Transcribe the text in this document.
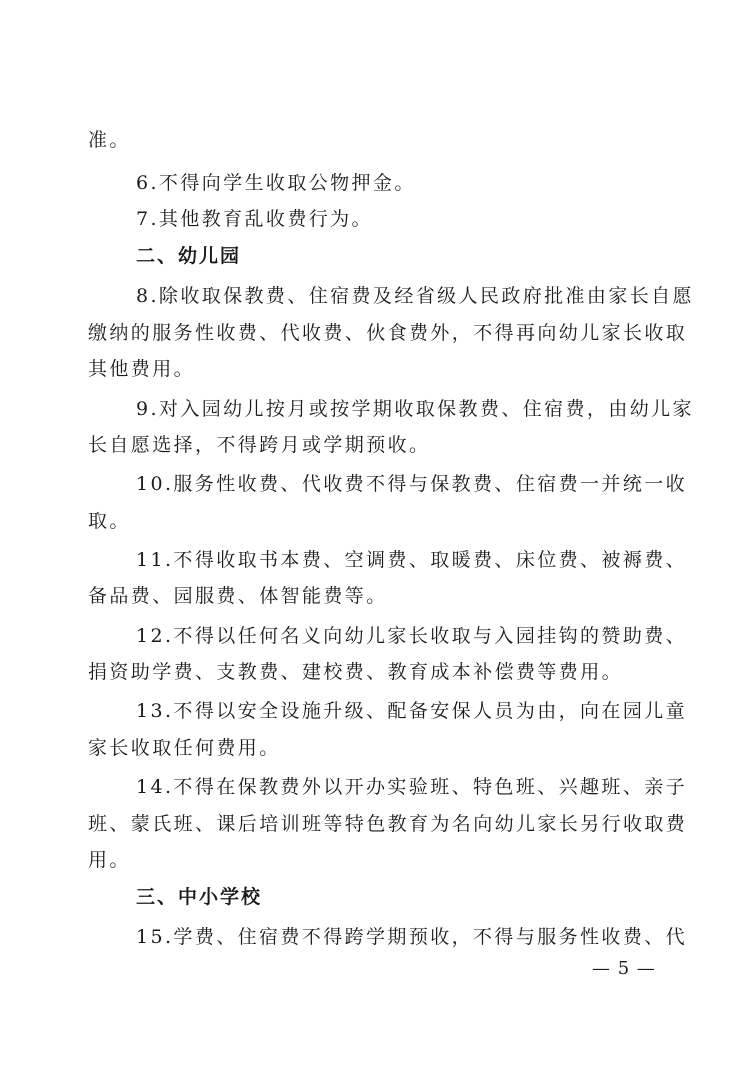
准。
6.不得向学生收取公物押金。
7.其他教育乱收费行为。
二、幼儿园
8.除收取保教费、住宿费及经省级人民政府批准由家长自愿
缴纳的服务性收费、代收费、伙食费外，不得再向幼儿家长收取
其他费用。
9.对入园幼儿按月或按学期收取保教费、住宿费，由幼儿家
长自愿选择，不得跨月或学期预收。
10.服务性收费、代收费不得与保教费、住宿费一并统一收
取。
11.不得收取书本费、空调费、取暖费、床位费、被褥费、
备品费、园服费、体智能费等。
12.不得以任何名义向幼儿家长收取与入园挂钩的赞助费、
捐资助学费、支教费、建校费、教育成本补偿费等费用。
13.不得以安全设施升级、配备安保人员为由，向在园儿童
家长收取任何费用。
14.不得在保教费外以开办实验班、特色班、兴趣班、亲子
班、蒙氏班、课后培训班等特色教育为名向幼儿家长另行收取费
用。
三、中小学校
15.学费、住宿费不得跨学期预收，不得与服务性收费、代
— 5 —
